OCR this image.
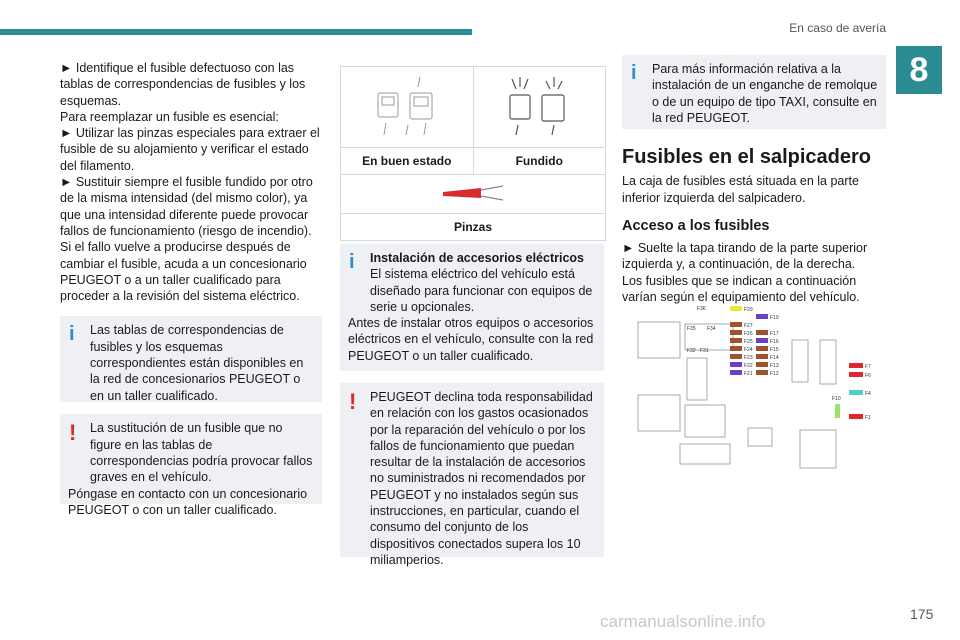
En caso de avería
8

► Identifique el fusible defectuoso con las tablas de correspondencias de fusibles y los esquemas.

Para reemplazar un fusible es esencial:

► Utilizar las pinzas especiales para extraer el fusible de su alojamiento y verificar el estado del filamento.

► Sustituir siempre el fusible fundido por otro de la misma intensidad (del mismo color), ya que una intensidad diferente puede provocar fallos de funcionamiento (riesgo de incendio).

Si el fallo vuelve a producirse después de cambiar el fusible, acuda a un concesionario PEUGEOT o a un taller cualificado para proceder a la revisión del sistema eléctrico.

i	Las tablas de correspondencias de fusibles y los esquemas correspondientes están disponibles en la red de concesionarios PEUGEOT o en un taller cualificado.

!	La sustitución de un fusible que no figure en las tablas de correspondencias podría provocar fallos graves en el vehículo.

Póngase en contacto con un concesionario PEUGEOT o con un taller cualificado.

En buen estado	Fundido
Pinzas
i	Instalación de accesorios eléctricos

El sistema eléctrico del vehículo está diseñado para funcionar con equipos de serie u opcionales.

Antes de instalar otros equipos o accesorios eléctricos en el vehículo, consulte con la red PEUGEOT o un taller cualificado.

!	PEUGEOT declina toda responsabilidad en relación con los gastos ocasionados por la reparación del vehículo o por los fallos de funcionamiento que puedan resultar de la instalación de accesorios no suministrados ni recomendados por PEUGEOT y no instalados según sus instrucciones, en particular, cuando el consumo del conjunto de los dispositivos conectados supera los 10 miliamperios.

i	Para más información relativa a la instalación de un enganche de remolque o de un equipo de tipo TAXI, consulte en la red PEUGEOT.

Fusibles en el salpicadero

La caja de fusibles está situada en la parte inferior izquierda del salpicadero.

Acceso a los fusibles

► Suelte la tapa tirando de la parte superior izquierda y, a continuación, de la derecha.

Los fusibles que se indican a continuación varían según el equipamiento del vehículo.

F36
F35 F34
F32 F31
F29
F19
F27
F26	F17
F25	F16
F24	F15
F23	F14
F22	F13
F21	F12
F7
F6
F4
F1
F10
carmanualsonline.info	175
